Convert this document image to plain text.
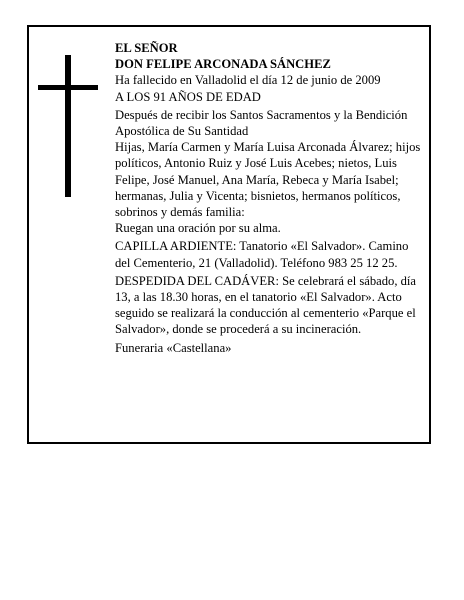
EL SEÑOR

DON FELIPE ARCONADA SÁNCHEZ

Ha fallecido en Valladolid el día 12 de junio de 2009

A LOS 91 AÑOS DE EDAD

Después de recibir los Santos Sacramentos y la Bendición Apostólica de Su Santidad

Hijas, María Carmen y María Luisa Arconada Álvarez; hijos políticos, Antonio Ruiz y José Luis Acebes; nietos, Luis Felipe, José Manuel, Ana María, Rebeca y María Isabel; hermanas, Julia y Vicenta; bisnietos, hermanos políticos, sobrinos y demás familia:

Ruegan una oración por su alma.

CAPILLA ARDIENTE: Tanatorio «El Salvador». Camino del Cementerio, 21 (Valladolid). Teléfono 983 25 12 25.

DESPEDIDA DEL CADÁVER: Se celebrará el sábado, día 13, a las 18.30 horas, en el tanatorio «El Salvador». Acto seguido se realizará la conducción al cementerio «Parque el Salvador», donde se procederá a su incineración.

Funeraria «Castellana»
